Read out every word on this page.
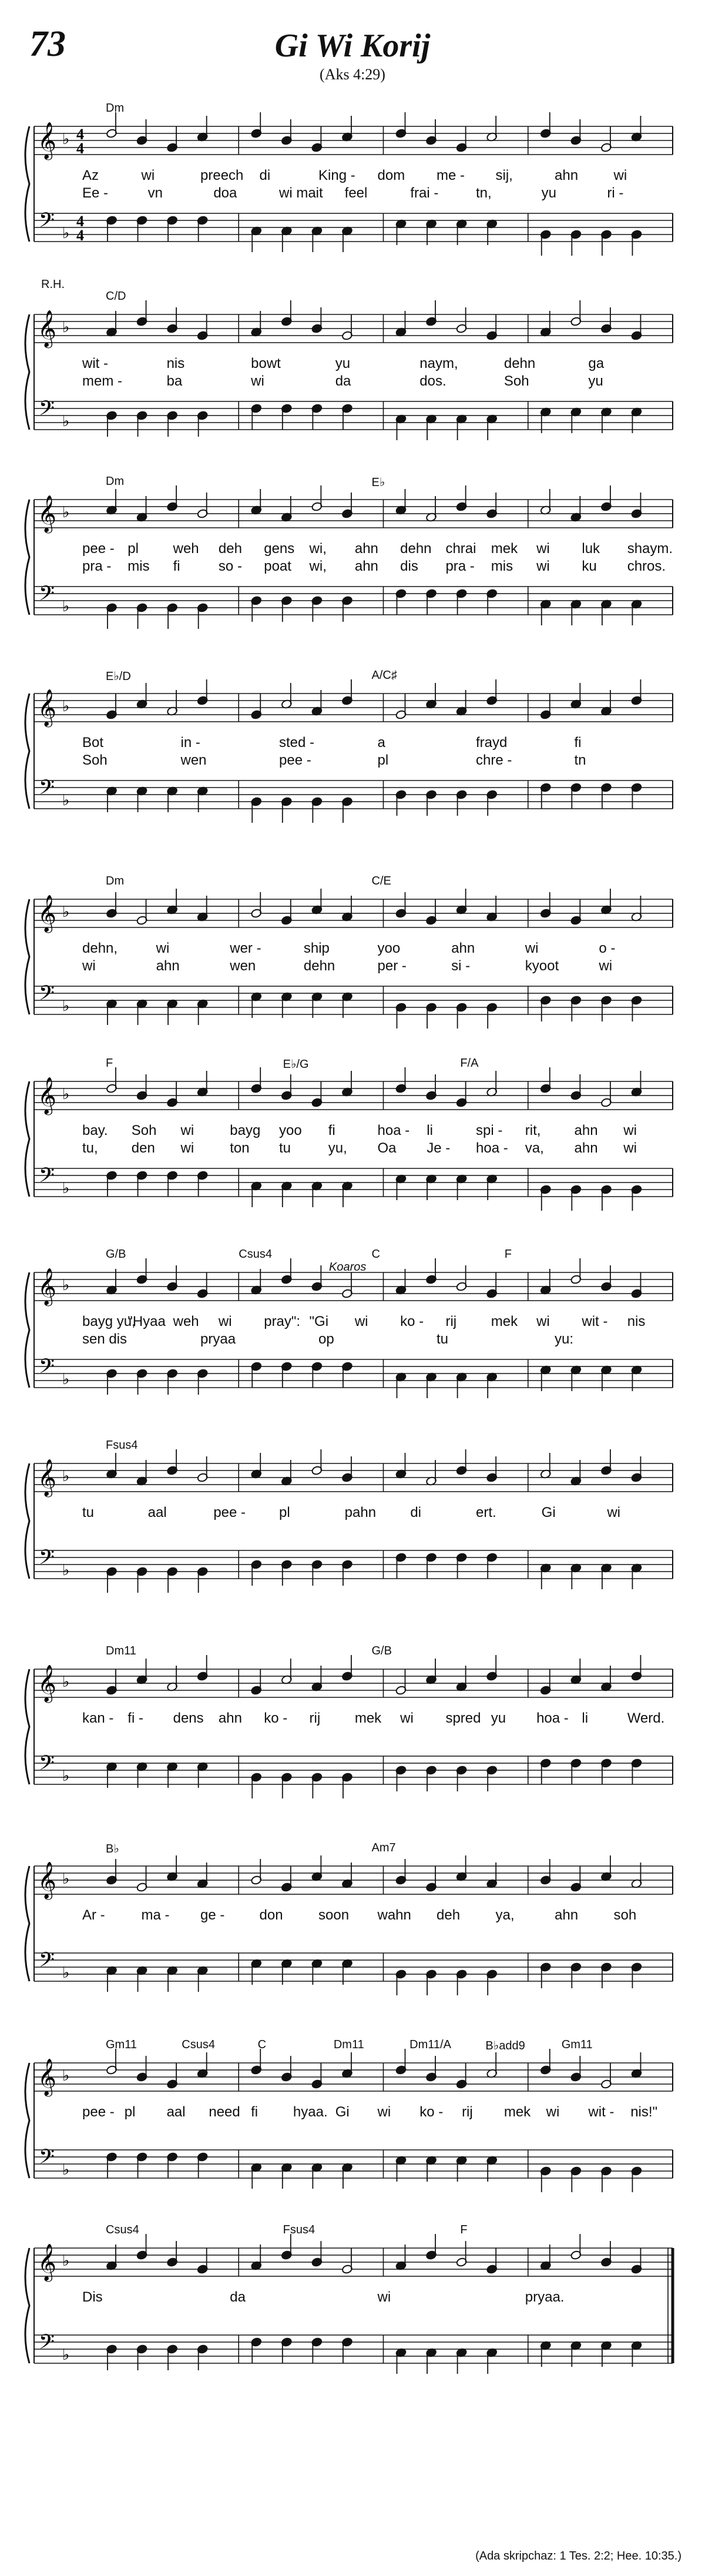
73	Gi Wi Korij
(Aks 4:29)
𝄞
𝄢
♭
♭
4
4
4
4
Dm
Az	wi	preech di	King - dom me - sij,	ahn	wi
Ee -	vn	doa	wi mait feel	frai -	tn,	yu	ri -
𝄞
𝄢
♭
♭
C/D
R.H.
wit -	nis	bowt	yu	naym,	dehn	ga
mem -	ba	wi	da	dos.	Soh	yu
𝄞
𝄢
♭
♭
Dm	E♭
pee - pl weh deh gens wi, ahn dehn chrai mek wi luk shaym.
pra - mis fi	so - poat wi, ahn dis pra - mis wi ku chros.
𝄞
𝄢
♭
♭
E♭/D	A/C♯
Bot	in -	sted -	a	frayd	fi
Soh	wen	pee -	pl	chre -	tn
𝄞
𝄢
♭
♭
Dm	C/E
dehn,	wi	wer -	ship	yoo	ahn	wi	o -
wi	ahn	wen	dehn	per -	si -	kyoot	wi
𝄞
𝄢
♭
♭
F	E♭/G	F/A
bay. Soh wi	bayg yoo fi	hoa - li	spi - rit, ahn wi
tu, den wi	ton tu	yu, Oa Je - hoa - va, ahn wi
𝄞
𝄢
♭
♭
G/B	Csus4	C	F
Koaros
bayg yu,
"Hyaa weh wi pray": "Gi wi ko - rij mek wi wit - nis
sen dis	pryaa	op	tu	yu:
𝄞
𝄢
♭
♭
Fsus4
tu	aal	pee - pl	pahn di	ert.	Gi	wi
𝄞
𝄢
♭
♭
Dm11	G/B
kan - fi - dens ahn ko - rij mek wi spred yu hoa - li	Werd.
𝄞
𝄢
♭
♭
B♭	Am7
Ar -	ma - ge - don	soon wahn deh	ya,	ahn	soh
𝄞
𝄢
♭
♭
Gm11	Csus4	C	Dm11	Dm11/A	B♭add9	Gm11
pee - pl aal need fi hyaa. Gi wi ko - rij mek wi wit - nis!"
𝄞
𝄢
♭
♭
Csus4	Fsus4	F
Dis	da	wi	pryaa.
(Ada skripchaz: 1 Tes. 2:2; Hee. 10:35.)
